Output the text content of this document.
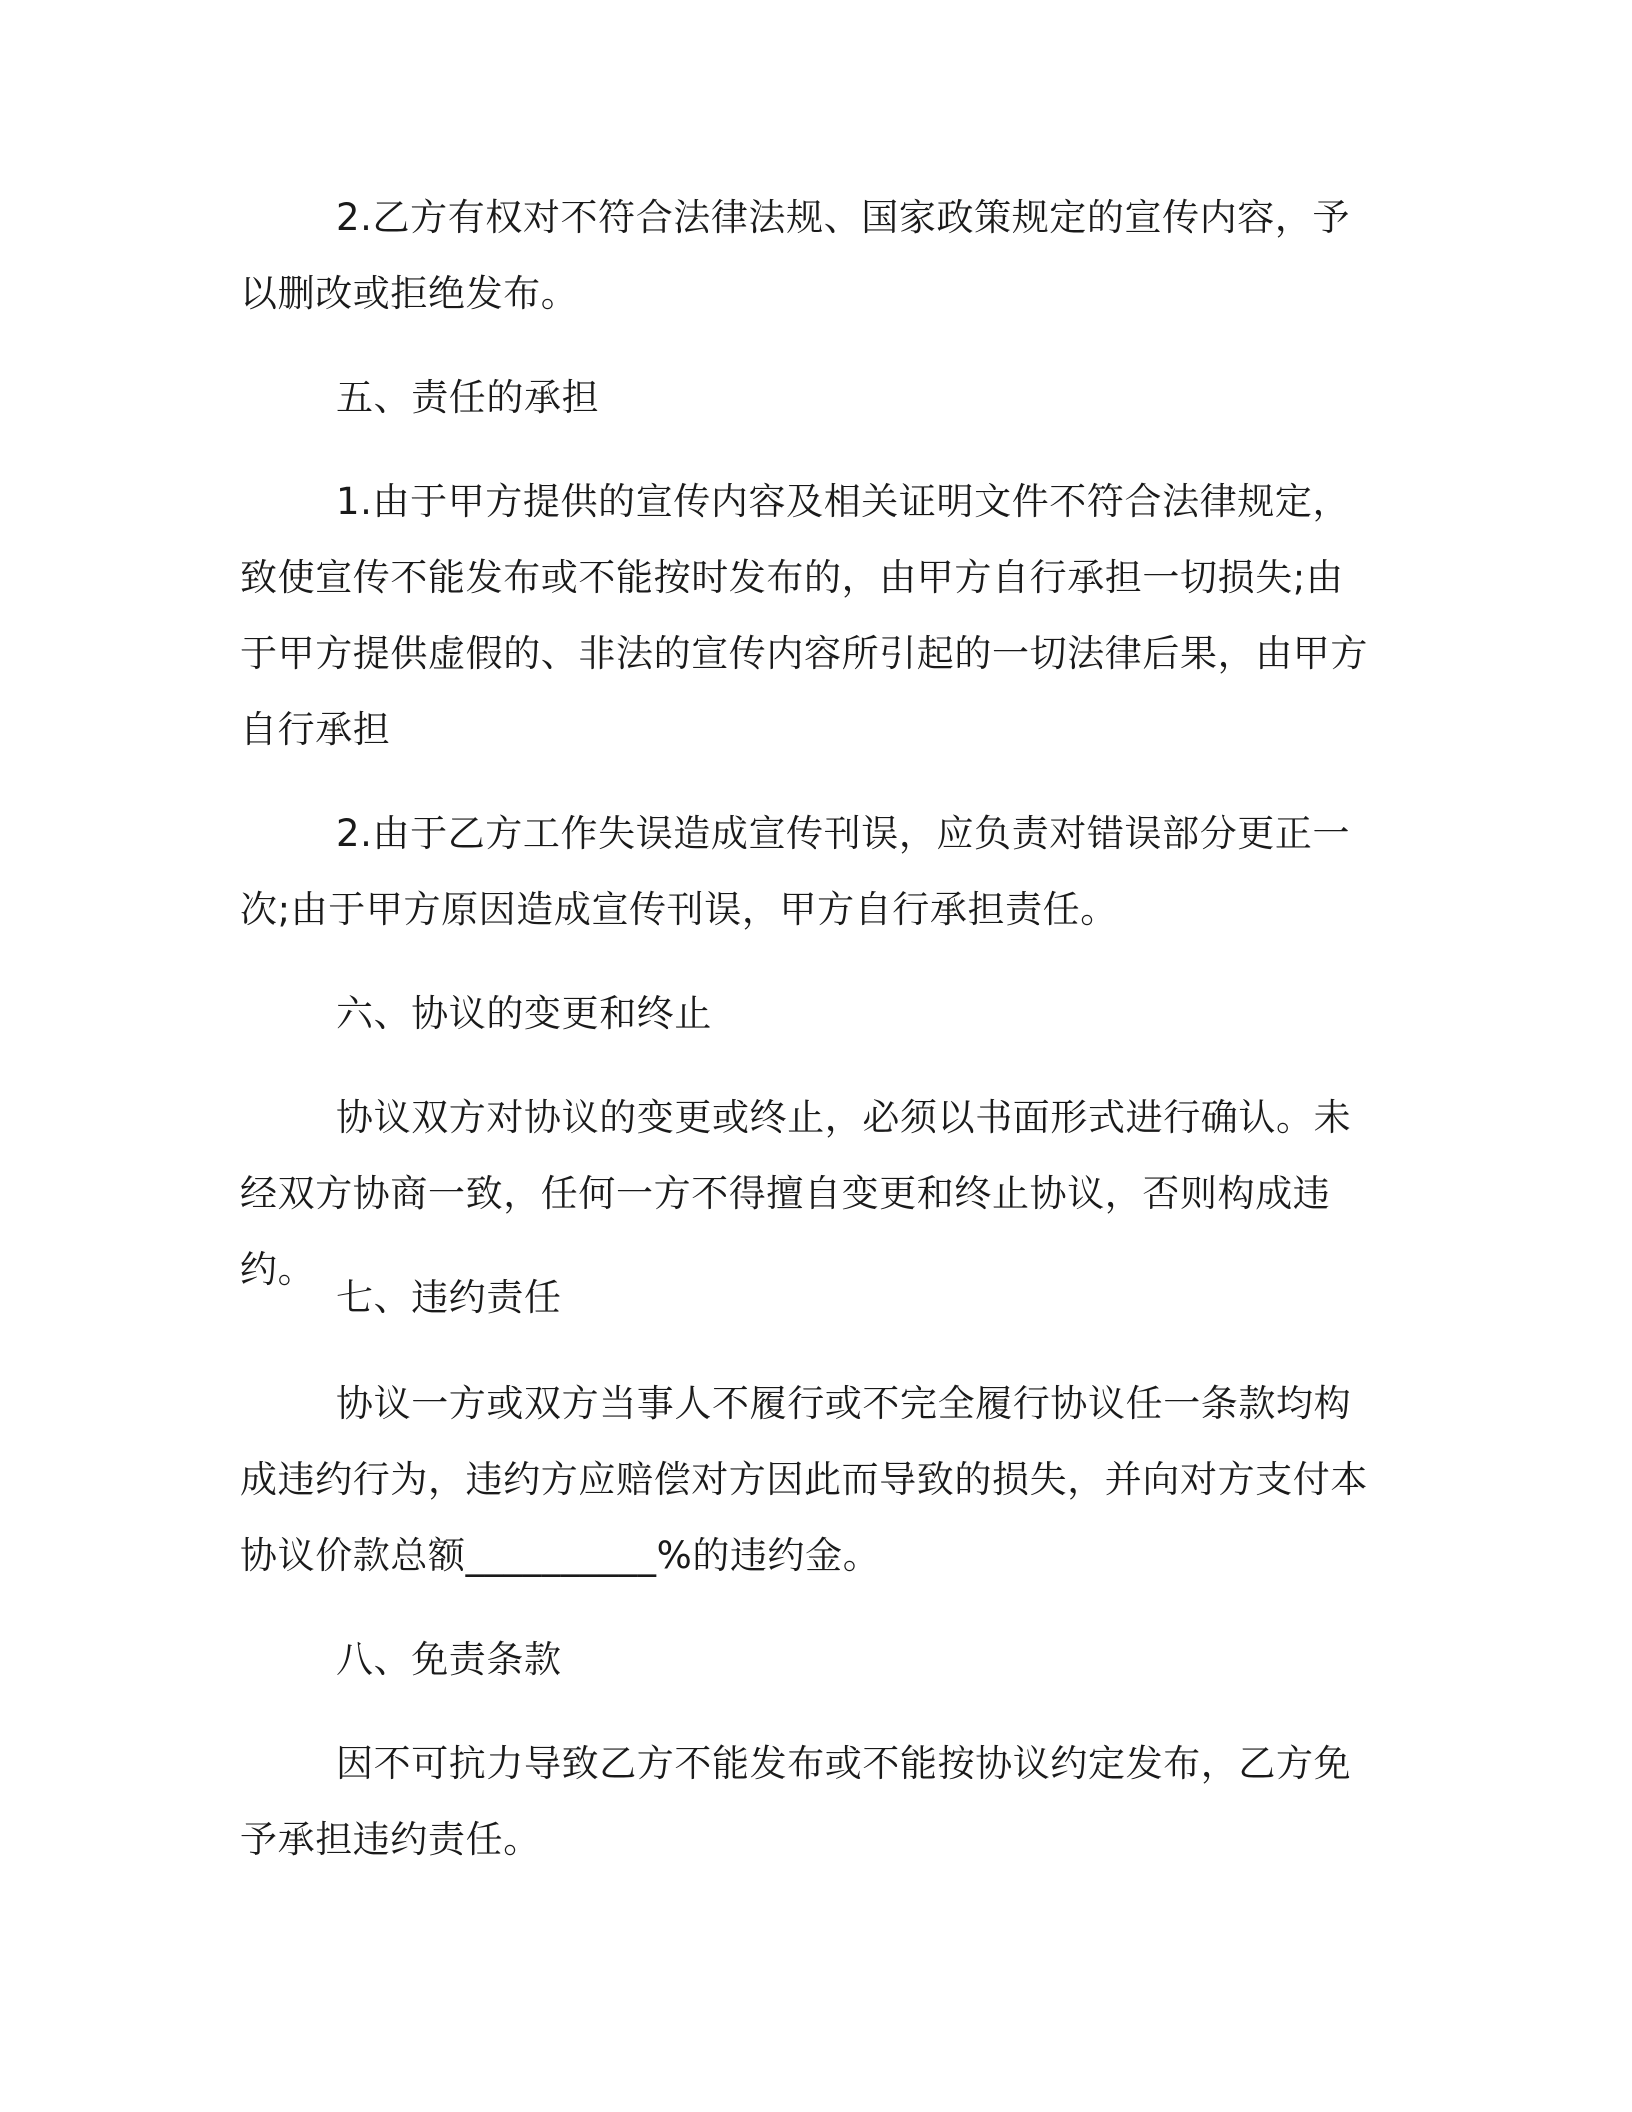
2.乙方有权对不符合法律法规、国家政策规定的宣传内容，予以删改或拒绝发布。

五、责任的承担

1.由于甲方提供的宣传内容及相关证明文件不符合法律规定，致使宣传不能发布或不能按时发布的，由甲方自行承担一切损失;由于甲方提供虚假的、非法的宣传内容所引起的一切法律后果，由甲方自行承担

2.由于乙方工作失误造成宣传刊误，应负责对错误部分更正一次;由于甲方原因造成宣传刊误，甲方自行承担责任。

六、协议的变更和终止

协议双方对协议的变更或终止，必须以书面形式进行确认。未经双方协商一致，任何一方不得擅自变更和终止协议，否则构成违约。

七、违约责任

协议一方或双方当事人不履行或不完全履行协议任一条款均构成违约行为，违约方应赔偿对方因此而导致的损失，并向对方支付本协议价款总额__________%的违约金。

八、免责条款

因不可抗力导致乙方不能发布或不能按协议约定发布，乙方免予承担违约责任。
